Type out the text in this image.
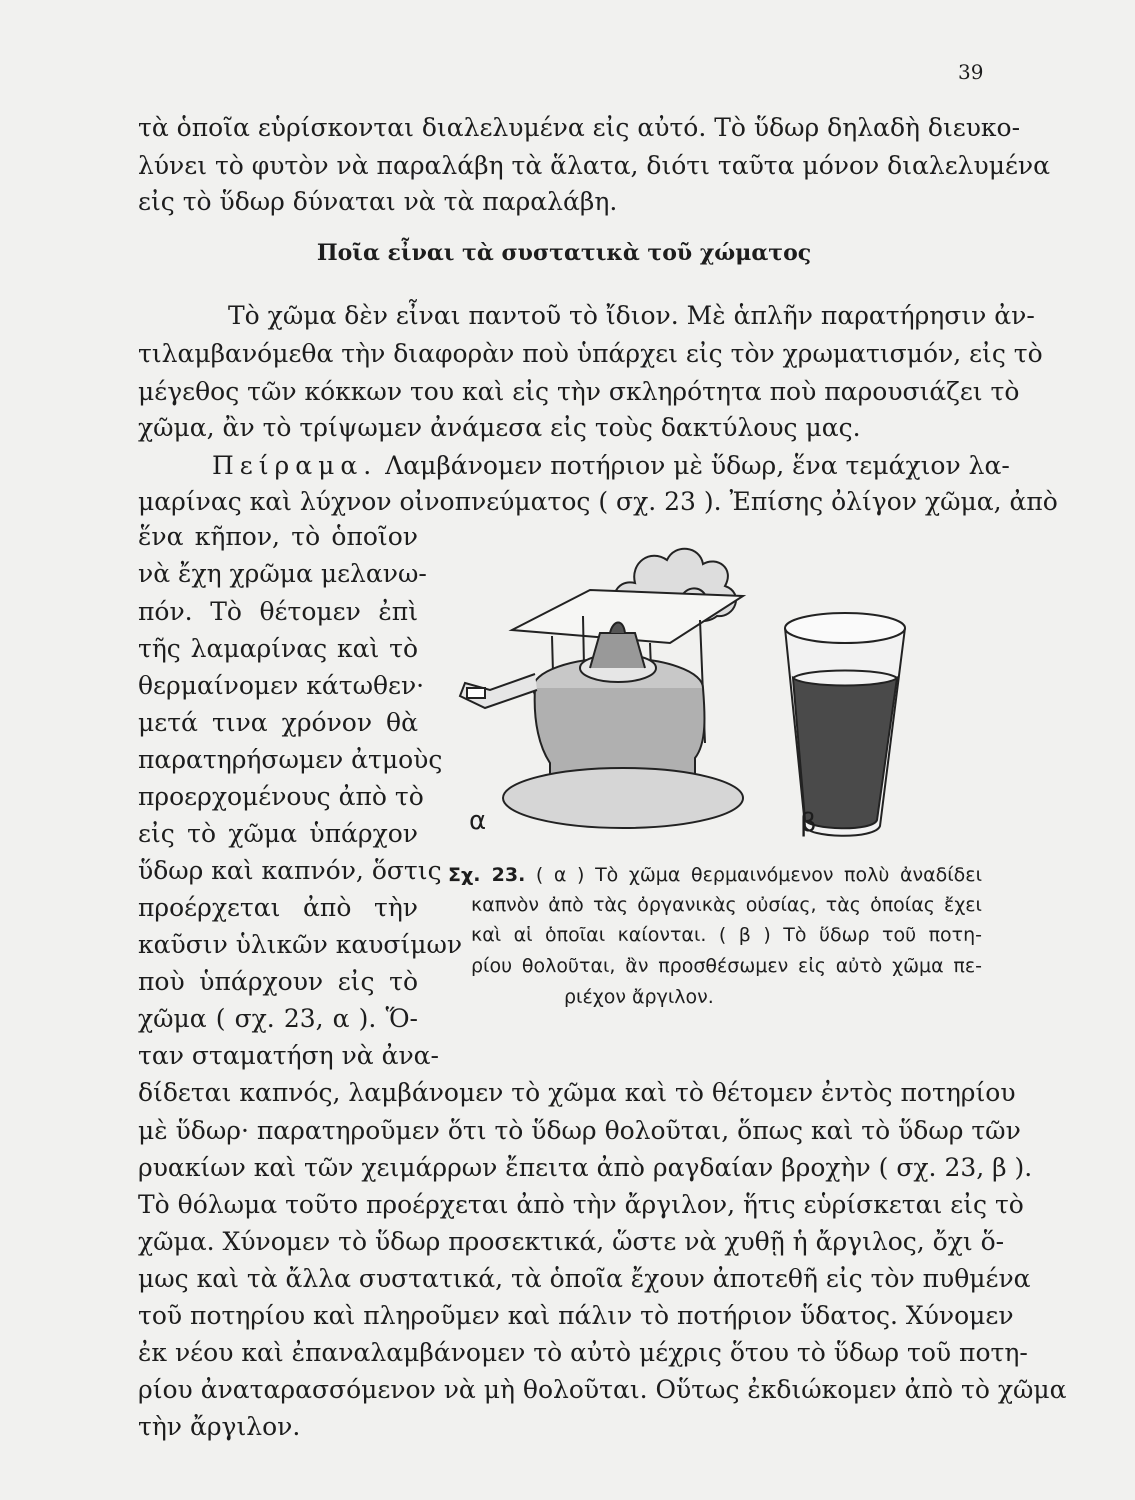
39
τὰ ὁποῖα εὑρίσκονται διαλελυμένα εἰς αὐτό. Τὸ ὕδωρ δηλαδὴ διευκο-
λύνει τὸ φυτὸν νὰ παραλάβη τὰ ἅλατα, διότι ταῦτα μόνον διαλελυμένα
εἰς τὸ ὕδωρ δύναται νὰ τὰ παραλάβη.
Ποῖα εἶναι τὰ συστατικὰ τοῦ χώματος
Τὸ χῶμα δὲν εἶναι παντοῦ τὸ ἴδιον. Μὲ ἁπλῆν παρατήρησιν ἀν-
τιλαμβανόμεθα τὴν διαφορὰν ποὺ ὑπάρχει εἰς τὸν χρωματισμόν, εἰς τὸ
μέγεθος τῶν κόκκων του καὶ εἰς τὴν σκληρότητα ποὺ παρουσιάζει τὸ
χῶμα, ἂν τὸ τρίψωμεν ἀνάμεσα εἰς τοὺς δακτύλους μας.
Πείραμα. Λαμβάνομεν ποτήριον μὲ ὕδωρ, ἕνα τεμάχιον λα-
μαρίνας καὶ λύχνον οἰνοπνεύματος ( σχ. 23 ). Ἐπίσης ὀλίγον χῶμα, ἀπὸ
ἕνα κῆπον, τὸ ὁποῖον
νὰ ἔχη χρῶμα μελανω-
πόν. Τὸ θέτομεν ἐπὶ
τῆς λαμαρίνας καὶ τὸ
θερμαίνομεν κάτωθεν·
μετά τινα χρόνον θὰ
παρατηρήσωμεν ἀτμοὺς
προερχομένους ἀπὸ τὸ
εἰς τὸ χῶμα ὑπάρχον
ὕδωρ καὶ καπνόν, ὅστις
προέρχεται ἀπὸ τὴν
καῦσιν ὑλικῶν καυσίμων
ποὺ ὑπάρχουν εἰς τὸ
χῶμα ( σχ. 23, α ). Ὅ-
ταν σταματήση νὰ ἀνα-
α	β
Σχ. 23. ( α ) Τὸ χῶμα θερμαινόμενον πολὺ ἀναδίδει
καπνὸν ἀπὸ τὰς ὀργανικὰς οὐσίας, τὰς ὁποίας ἔχει
καὶ αἱ ὁποῖαι καίονται. ( β ) Τὸ ὕδωρ τοῦ ποτη-
ρίου θολοῦται, ἂν προσθέσωμεν εἰς αὐτὸ χῶμα πε-
ριέχον ἄργιλον.
δίδεται καπνός, λαμβάνομεν τὸ χῶμα καὶ τὸ θέτομεν ἐντὸς ποτηρίου
μὲ ὕδωρ· παρατηροῦμεν ὅτι τὸ ὕδωρ θολοῦται, ὅπως καὶ τὸ ὕδωρ τῶν
ρυακίων καὶ τῶν χειμάρρων ἔπειτα ἀπὸ ραγδαίαν βροχὴν ( σχ. 23, β ).
Τὸ θόλωμα τοῦτο προέρχεται ἀπὸ τὴν ἄργιλον, ἥτις εὑρίσκεται εἰς τὸ
χῶμα. Χύνομεν τὸ ὕδωρ προσεκτικά, ὥστε νὰ χυθῇ ἡ ἄργιλος, ὄχι ὅ-
μως καὶ τὰ ἄλλα συστατικά, τὰ ὁποῖα ἔχουν ἀποτεθῆ εἰς τὸν πυθμένα
τοῦ ποτηρίου καὶ πληροῦμεν καὶ πάλιν τὸ ποτήριον ὕδατος. Χύνομεν
ἐκ νέου καὶ ἐπαναλαμβάνομεν τὸ αὐτὸ μέχρις ὅτου τὸ ὕδωρ τοῦ ποτη-
ρίου ἀναταρασσόμενον νὰ μὴ θολοῦται. Οὕτως ἐκδιώκομεν ἀπὸ τὸ χῶμα
τὴν ἄργιλον.
